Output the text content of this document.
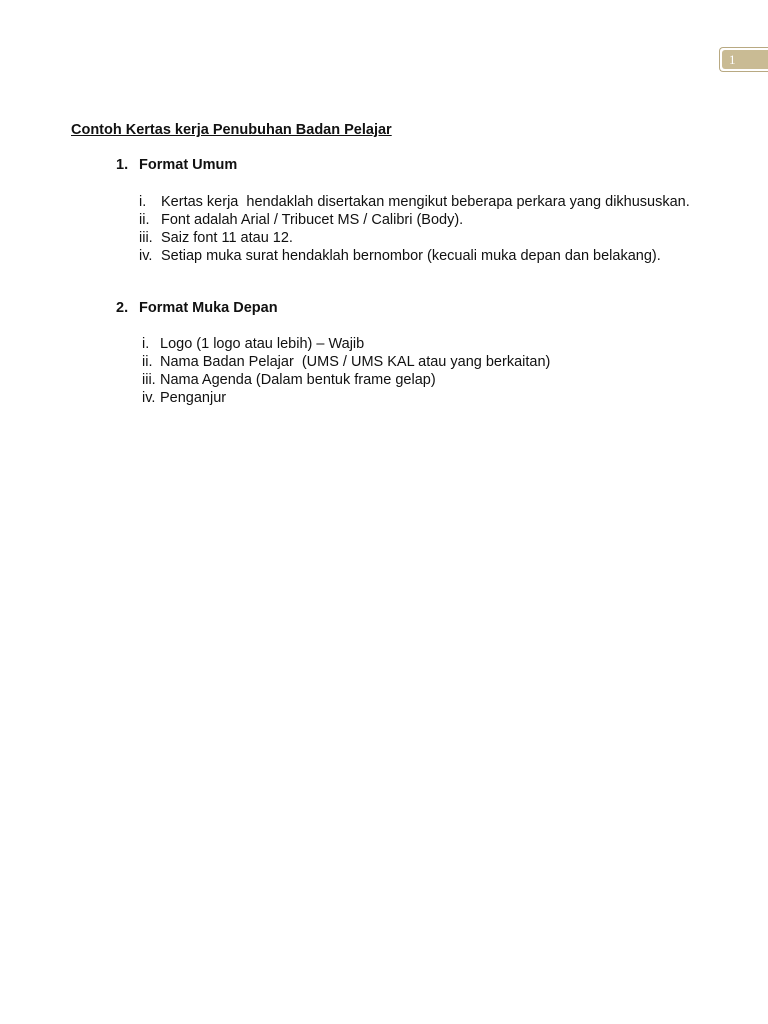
1
Contoh Kertas kerja Penubuhan Badan Pelajar
1. Format Umum
i. Kertas kerja  hendaklah disertakan mengikut beberapa perkara yang dikhususkan.
ii. Font adalah Arial / Tribucet MS / Calibri (Body).
iii. Saiz font 11 atau 12.
iv. Setiap muka surat hendaklah bernombor (kecuali muka depan dan belakang).
2. Format Muka Depan
i. Logo (1 logo atau lebih) – Wajib
ii. Nama Badan Pelajar  (UMS / UMS KAL atau yang berkaitan)
iii. Nama Agenda (Dalam bentuk frame gelap)
iv. Penganjur
